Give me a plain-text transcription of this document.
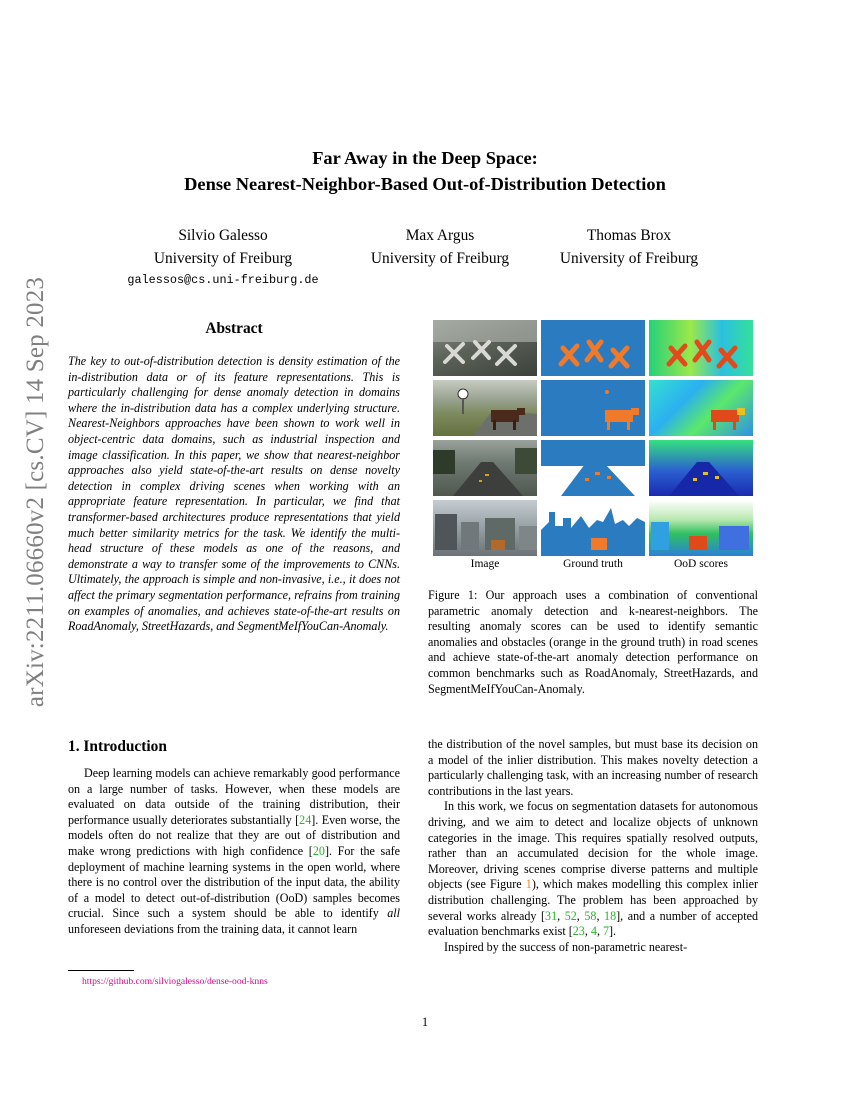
arXiv:2211.06660v2 [cs.CV] 14 Sep 2023
Far Away in the Deep Space:
Dense Nearest-Neighbor-Based Out-of-Distribution Detection
Silvio Galesso
University of Freiburg
galessos@cs.uni-freiburg.de
Max Argus
University of Freiburg
Thomas Brox
University of Freiburg
Abstract
The key to out-of-distribution detection is density estimation of the in-distribution data or of its feature representations. This is particularly challenging for dense anomaly detection in domains where the in-distribution data has a complex underlying structure. Nearest-Neighbors approaches have been shown to work well in object-centric data domains, such as industrial inspection and image classification. In this paper, we show that nearest-neighbor approaches also yield state-of-the-art results on dense novelty detection in complex driving scenes when working with an appropriate feature representation. In particular, we find that transformer-based architectures produce representations that yield much better similarity metrics for the task. We identify the multi-head structure of these models as one of the reasons, and demonstrate a way to transfer some of the improvements to CNNs. Ultimately, the approach is simple and non-invasive, i.e., it does not affect the primary segmentation performance, refrains from training on examples of anomalies, and achieves state-of-the-art results on RoadAnomaly, StreetHazards, and SegmentMeIfYouCan-Anomaly.
Image	Ground truth	OoD scores
Figure 1: Our approach uses a combination of conventional parametric anomaly detection and k-nearest-neighbors. The resulting anomaly scores can be used to identify semantic anomalies and obstacles (orange in the ground truth) in road scenes and achieve state-of-the-art anomaly detection performance on common benchmarks such as RoadAnomaly, StreetHazards, and SegmentMeIfYouCan-Anomaly.
1. Introduction

Deep learning models can achieve remarkably good performance on a large number of tasks. However, when these models are evaluated on data outside of the training distribution, their performance usually deteriorates substantially [24]. Even worse, the models often do not realize that they are out of distribution and make wrong predictions with high confidence [20]. For the safe deployment of machine learning systems in the open world, where there is no control over the distribution of the input data, the ability of a model to detect out-of-distribution (OoD) samples becomes crucial. Since such a system should be able to identify all unforeseen deviations from the training data, it cannot learn

the distribution of the novel samples, but must base its decision on a model of the inlier distribution. This makes novelty detection a particularly challenging task, with an increasing number of research contributions in the last years.

In this work, we focus on segmentation datasets for autonomous driving, and we aim to detect and localize objects of unknown categories in the image. This requires spatially resolved outputs, rather than an accumulated decision for the whole image. Moreover, driving scenes comprise diverse patterns and multiple objects (see Figure 1), which makes modelling this complex inlier distribution challenging. The problem has been approached by several works already [31, 52, 58, 18], and a number of accepted evaluation benchmarks exist [23, 4, 7].

Inspired by the success of non-parametric nearest-

https://github.com/silviogalesso/dense-ood-knns
1
